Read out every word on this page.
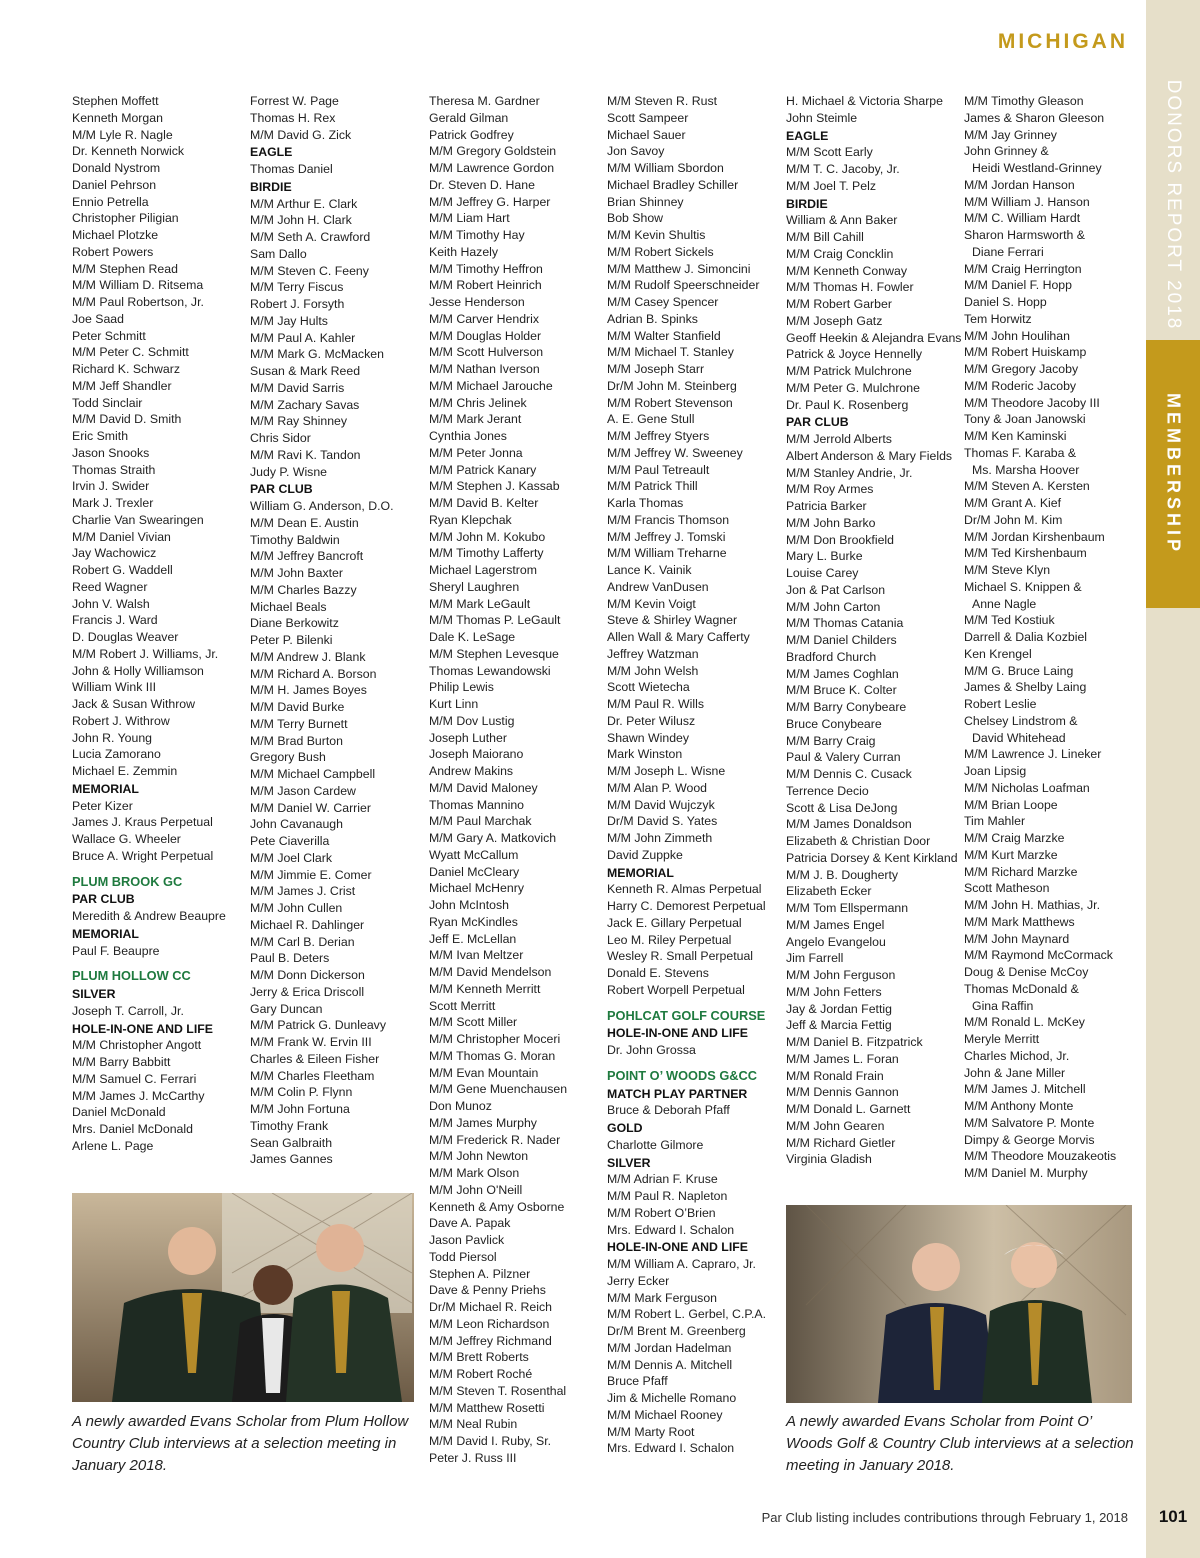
MICHIGAN
DONORS REPORT 2018
MEMBERSHIP
Stephen Moffett
Kenneth Morgan
M/M Lyle R. Nagle
Dr. Kenneth Norwick
Donald Nystrom
Daniel Pehrson
Ennio Petrella
Christopher Piligian
Michael Plotzke
Robert Powers
M/M Stephen Read
M/M William D. Ritsema
M/M Paul Robertson, Jr.
Joe Saad
Peter Schmitt
M/M Peter C. Schmitt
Richard K. Schwarz
M/M Jeff Shandler
Todd Sinclair
M/M David D. Smith
Eric Smith
Jason Snooks
Thomas Straith
Irvin J. Swider
Mark J. Trexler
Charlie Van Swearingen
M/M Daniel Vivian
Jay Wachowicz
Robert G. Waddell
Reed Wagner
John V. Walsh
Francis J. Ward
D. Douglas Weaver
M/M Robert J. Williams, Jr.
John & Holly Williamson
William Wink III
Jack & Susan Withrow
Robert J. Withrow
John R. Young
Lucia Zamorano
Michael E. Zemmin
MEMORIAL
Peter Kizer
James J. Kraus Perpetual
Wallace G. Wheeler
Bruce A. Wright Perpetual
PLUM BROOK GC
PAR CLUB
Meredith & Andrew Beaupre
MEMORIAL
Paul F. Beaupre
PLUM HOLLOW CC
SILVER
Joseph T. Carroll, Jr.
HOLE-IN-ONE AND LIFE
M/M Christopher Angott
M/M Barry Babbitt
M/M Samuel C. Ferrari
M/M James J. McCarthy
Daniel McDonald
Mrs. Daniel McDonald
Arlene L. Page
Forrest W. Page
Thomas H. Rex
M/M David G. Zick
EAGLE
Thomas Daniel
BIRDIE
M/M Arthur E. Clark
M/M John H. Clark
M/M Seth A. Crawford
Sam Dallo
M/M Steven C. Feeny
M/M Terry Fiscus
Robert J. Forsyth
M/M Jay Hults
M/M Paul A. Kahler
M/M Mark G. McMacken
Susan & Mark Reed
M/M David Sarris
M/M Zachary Savas
M/M Ray Shinney
Chris Sidor
M/M Ravi K. Tandon
Judy P. Wisne
PAR CLUB
William G. Anderson, D.O.
M/M Dean E. Austin
Timothy Baldwin
M/M Jeffrey Bancroft
M/M John Baxter
M/M Charles Bazzy
Michael Beals
Diane Berkowitz
Peter P. Bilenki
M/M Andrew J. Blank
M/M Richard A. Borson
M/M H. James Boyes
M/M David Burke
M/M Terry Burnett
M/M Brad Burton
Gregory Bush
M/M Michael Campbell
M/M Jason Cardew
M/M Daniel W. Carrier
John Cavanaugh
Pete Ciaverilla
M/M Joel Clark
M/M Jimmie E. Comer
M/M James J. Crist
M/M John Cullen
Michael R. Dahlinger
M/M Carl B. Derian
Paul B. Deters
M/M Donn Dickerson
Jerry & Erica Driscoll
Gary Duncan
M/M Patrick G. Dunleavy
M/M Frank W. Ervin III
Charles & Eileen Fisher
M/M Charles Fleetham
M/M Colin P. Flynn
M/M John Fortuna
Timothy Frank
Sean Galbraith
James Gannes
Theresa M. Gardner
Gerald Gilman
Patrick Godfrey
M/M Gregory Goldstein
M/M Lawrence Gordon
Dr. Steven D. Hane
M/M Jeffrey G. Harper
M/M Liam Hart
M/M Timothy Hay
Keith Hazely
M/M Timothy Heffron
M/M Robert Heinrich
Jesse Henderson
M/M Carver Hendrix
M/M Douglas Holder
M/M Scott Hulverson
M/M Nathan Iverson
M/M Michael Jarouche
M/M Chris Jelinek
M/M Mark Jerant
Cynthia Jones
M/M Peter Jonna
M/M Patrick Kanary
M/M Stephen J. Kassab
M/M David B. Kelter
Ryan Klepchak
M/M John M. Kokubo
M/M Timothy Lafferty
Michael Lagerstrom
Sheryl Laughren
M/M Mark LeGault
M/M Thomas P. LeGault
Dale K. LeSage
M/M Stephen Levesque
Thomas Lewandowski
Philip Lewis
Kurt Linn
M/M Dov Lustig
Joseph Luther
Joseph Maiorano
Andrew Makins
M/M David Maloney
Thomas Mannino
M/M Paul Marchak
M/M Gary A. Matkovich
Wyatt McCallum
Daniel McCleary
Michael McHenry
John McIntosh
Ryan McKindles
Jeff E. McLellan
M/M Ivan Meltzer
M/M David Mendelson
M/M Kenneth Merritt
Scott Merritt
M/M Scott Miller
M/M Christopher Moceri
M/M Thomas G. Moran
M/M Evan Mountain
M/M Gene Muenchausen
Don Munoz
M/M James Murphy
M/M Frederick R. Nader
M/M John Newton
M/M Mark Olson
M/M John O'Neill
Kenneth & Amy Osborne
Dave A. Papak
Jason Pavlick
Todd Piersol
Stephen A. Pilzner
Dave & Penny Priehs
Dr/M Michael R. Reich
M/M Leon Richardson
M/M Jeffrey Richmand
M/M Brett Roberts
M/M Robert Roché
M/M Steven T. Rosenthal
M/M Matthew Rosetti
M/M Neal Rubin
M/M David I. Ruby, Sr.
Peter J. Russ III
M/M Steven R. Rust
Scott Sampeer
Michael Sauer
Jon Savoy
M/M William Sbordon
Michael Bradley Schiller
Brian Shinney
Bob Show
M/M Kevin Shultis
M/M Robert Sickels
M/M Matthew J. Simoncini
M/M Rudolf Speerschneider
M/M Casey Spencer
Adrian B. Spinks
M/M Walter Stanfield
M/M Michael T. Stanley
M/M Joseph Starr
Dr/M John M. Steinberg
M/M Robert Stevenson
A. E. Gene Stull
M/M Jeffrey Styers
M/M Jeffrey W. Sweeney
M/M Paul Tetreault
M/M Patrick Thill
Karla Thomas
M/M Francis Thomson
M/M Jeffrey J. Tomski
M/M William Treharne
Lance K. Vainik
Andrew VanDusen
M/M Kevin Voigt
Steve & Shirley Wagner
Allen Wall & Mary Cafferty
Jeffrey Watzman
M/M John Welsh
Scott Wietecha
M/M Paul R. Wills
Dr. Peter Wilusz
Shawn Windey
Mark Winston
M/M Joseph L. Wisne
M/M Alan P. Wood
M/M David Wujczyk
Dr/M David S. Yates
M/M John Zimmeth
David Zuppke
MEMORIAL
Kenneth R. Almas Perpetual
Harry C. Demorest Perpetual
Jack E. Gillary Perpetual
Leo M. Riley Perpetual
Wesley R. Small Perpetual
Donald E. Stevens
Robert Worpell Perpetual
POHLCAT GOLF COURSE
HOLE-IN-ONE AND LIFE
Dr. John Grossa
POINT O’ WOODS G&CC
MATCH PLAY PARTNER
Bruce & Deborah Pfaff
GOLD
Charlotte Gilmore
SILVER
M/M Adrian F. Kruse
M/M Paul R. Napleton
M/M Robert O’Brien
Mrs. Edward I. Schalon
HOLE-IN-ONE AND LIFE
M/M William A. Capraro, Jr.
Jerry Ecker
M/M Mark Ferguson
M/M Robert L. Gerbel, C.P.A.
Dr/M Brent M. Greenberg
M/M Jordan Hadelman
M/M Dennis A. Mitchell
Bruce Pfaff
Jim & Michelle Romano
M/M Michael Rooney
M/M Marty Root
Mrs. Edward I. Schalon
H. Michael & Victoria Sharpe
John Steimle
EAGLE
M/M Scott Early
M/M T. C. Jacoby, Jr.
M/M Joel T. Pelz
BIRDIE
William & Ann Baker
M/M Bill Cahill
M/M Craig Concklin
M/M Kenneth Conway
M/M Thomas H. Fowler
M/M Robert Garber
M/M Joseph Gatz
Geoff Heekin & Alejandra Evans
Patrick & Joyce Hennelly
M/M Patrick Mulchrone
M/M Peter G. Mulchrone
Dr. Paul K. Rosenberg
PAR CLUB
M/M Jerrold Alberts
Albert Anderson & Mary Fields
M/M Stanley Andrie, Jr.
M/M Roy Armes
Patricia Barker
M/M John Barko
M/M Don Brookfield
Mary L. Burke
Louise Carey
Jon & Pat Carlson
M/M John Carton
M/M Thomas Catania
M/M Daniel Childers
Bradford Church
M/M James Coghlan
M/M Bruce K. Colter
M/M Barry Conybeare
Bruce Conybeare
M/M Barry Craig
Paul & Valery Curran
M/M Dennis C. Cusack
Terrence Decio
Scott & Lisa DeJong
M/M James Donaldson
Elizabeth & Christian Door
Patricia Dorsey & Kent Kirkland
M/M J. B. Dougherty
Elizabeth Ecker
M/M Tom Ellspermann
M/M James Engel
Angelo Evangelou
Jim Farrell
M/M John Ferguson
M/M John Fetters
Jay & Jordan Fettig
Jeff & Marcia Fettig
M/M Daniel B. Fitzpatrick
M/M James L. Foran
M/M Ronald Frain
M/M Dennis Gannon
M/M Donald L. Garnett
M/M John Gearen
M/M Richard Gietler
Virginia Gladish
M/M Timothy Gleason
James & Sharon Gleeson
M/M Jay Grinney
John Grinney &
Heidi Westland-Grinney
M/M Jordan Hanson
M/M William J. Hanson
M/M C. William Hardt
Sharon Harmsworth &
Diane Ferrari
M/M Craig Herrington
M/M Daniel F. Hopp
Daniel S. Hopp
Tem Horwitz
M/M John Houlihan
M/M Robert Huiskamp
M/M Gregory Jacoby
M/M Roderic Jacoby
M/M Theodore Jacoby III
Tony & Joan Janowski
M/M Ken Kaminski
Thomas F. Karaba &
Ms. Marsha Hoover
M/M Steven A. Kersten
M/M Grant A. Kief
Dr/M John M. Kim
M/M Jordan Kirshenbaum
M/M Ted Kirshenbaum
M/M Steve Klyn
Michael S. Knippen &
Anne Nagle
M/M Ted Kostiuk
Darrell & Dalia Kozbiel
Ken Krengel
M/M G. Bruce Laing
James & Shelby Laing
Robert Leslie
Chelsey Lindstrom &
David Whitehead
M/M Lawrence J. Lineker
Joan Lipsig
M/M Nicholas Loafman
M/M Brian Loope
Tim Mahler
M/M Craig Marzke
M/M Kurt Marzke
M/M Richard Marzke
Scott Matheson
M/M John H. Mathias, Jr.
M/M Mark Matthews
M/M John Maynard
M/M Raymond McCormack
Doug & Denise McCoy
Thomas McDonald &
Gina Raffin
M/M Ronald L. McKey
Meryle Merritt
Charles Michod, Jr.
John & Jane Miller
M/M James J. Mitchell
M/M Anthony Monte
M/M Salvatore P. Monte
Dimpy & George Morvis
M/M Theodore Mouzakeotis
M/M Daniel M. Murphy
A newly awarded Evans Scholar from Plum Hollow Country Club interviews at a selection meeting in January 2018.
A newly awarded Evans Scholar from Point O’ Woods Golf & Country Club interviews at a selection meeting in January 2018.
Par Club listing includes contributions through February 1, 2018	101
